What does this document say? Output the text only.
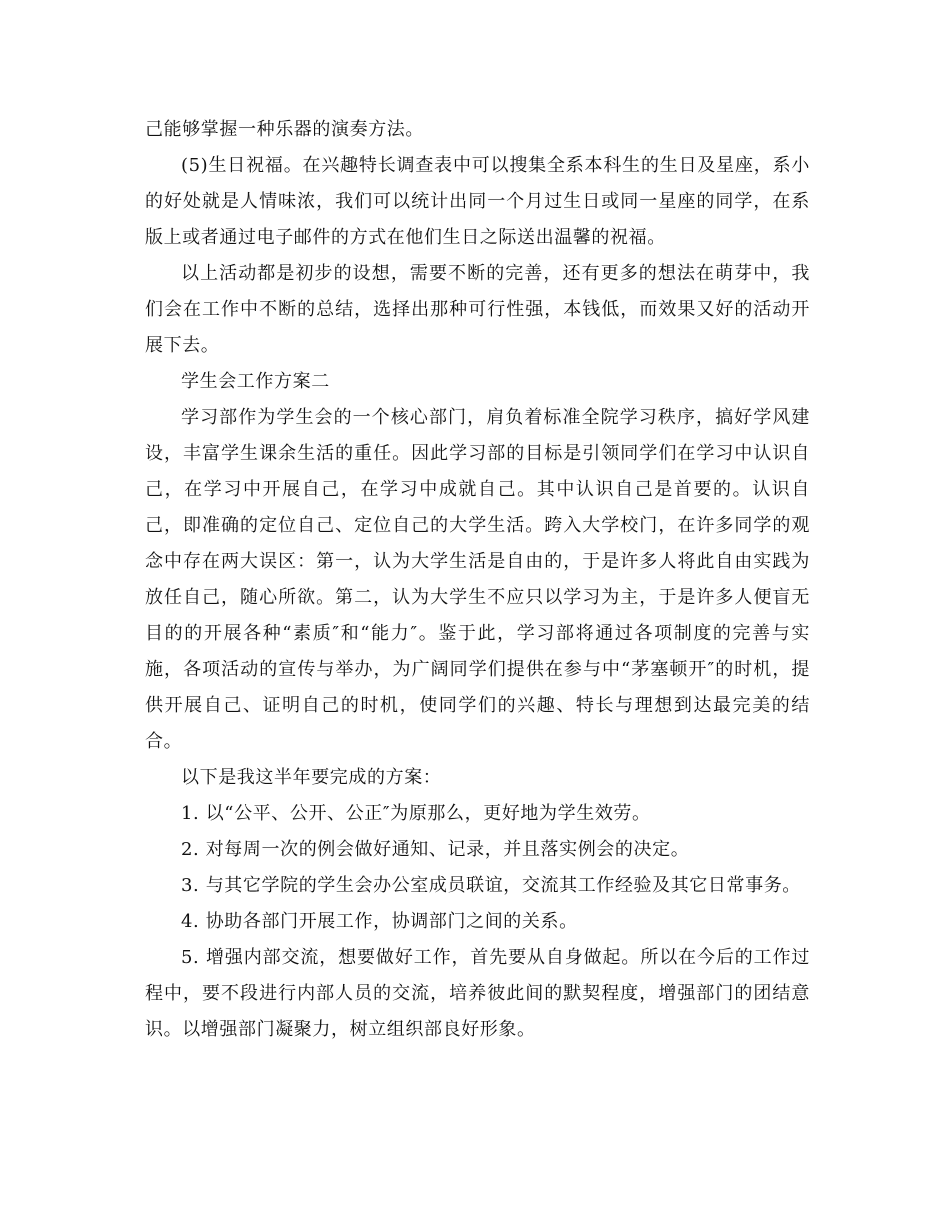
己能够掌握一种乐器的演奏方法。

(5)生日祝福。在兴趣特长调查表中可以搜集全系本科生的生日及星座，系小的好处就是人情味浓，我们可以统计出同一个月过生日或同一星座的同学，在系版上或者通过电子邮件的方式在他们生日之际送出温馨的祝福。

以上活动都是初步的设想，需要不断的完善，还有更多的想法在萌芽中，我们会在工作中不断的总结，选择出那种可行性强，本钱低，而效果又好的活动开展下去。

学生会工作方案二

学习部作为学生会的一个核心部门，肩负着标准全院学习秩序，搞好学风建设，丰富学生课余生活的重任。因此学习部的目标是引领同学们在学习中认识自己，在学习中开展自己，在学习中成就自己。其中认识自己是首要的。认识自己，即准确的定位自己、定位自己的大学生活。跨入大学校门，在许多同学的观念中存在两大误区：第一，认为大学生活是自由的，于是许多人将此自由实践为放任自己，随心所欲。第二，认为大学生不应只以学习为主，于是许多人便盲无目的的开展各种“素质″和“能力″。鉴于此，学习部将通过各项制度的完善与实施，各项活动的宣传与举办，为广阔同学们提供在参与中“茅塞顿开″的时机，提供开展自己、证明自己的时机，使同学们的兴趣、特长与理想到达最完美的结合。

以下是我这半年要完成的方案：

1. 以“公平、公开、公正″为原那么，更好地为学生效劳。

2. 对每周一次的例会做好通知、记录，并且落实例会的决定。

3. 与其它学院的学生会办公室成员联谊，交流其工作经验及其它日常事务。

4. 协助各部门开展工作，协调部门之间的关系。

5. 增强内部交流，想要做好工作，首先要从自身做起。所以在今后的工作过程中，要不段进行内部人员的交流，培养彼此间的默契程度，增强部门的团结意识。以增强部门凝聚力，树立组织部良好形象。
